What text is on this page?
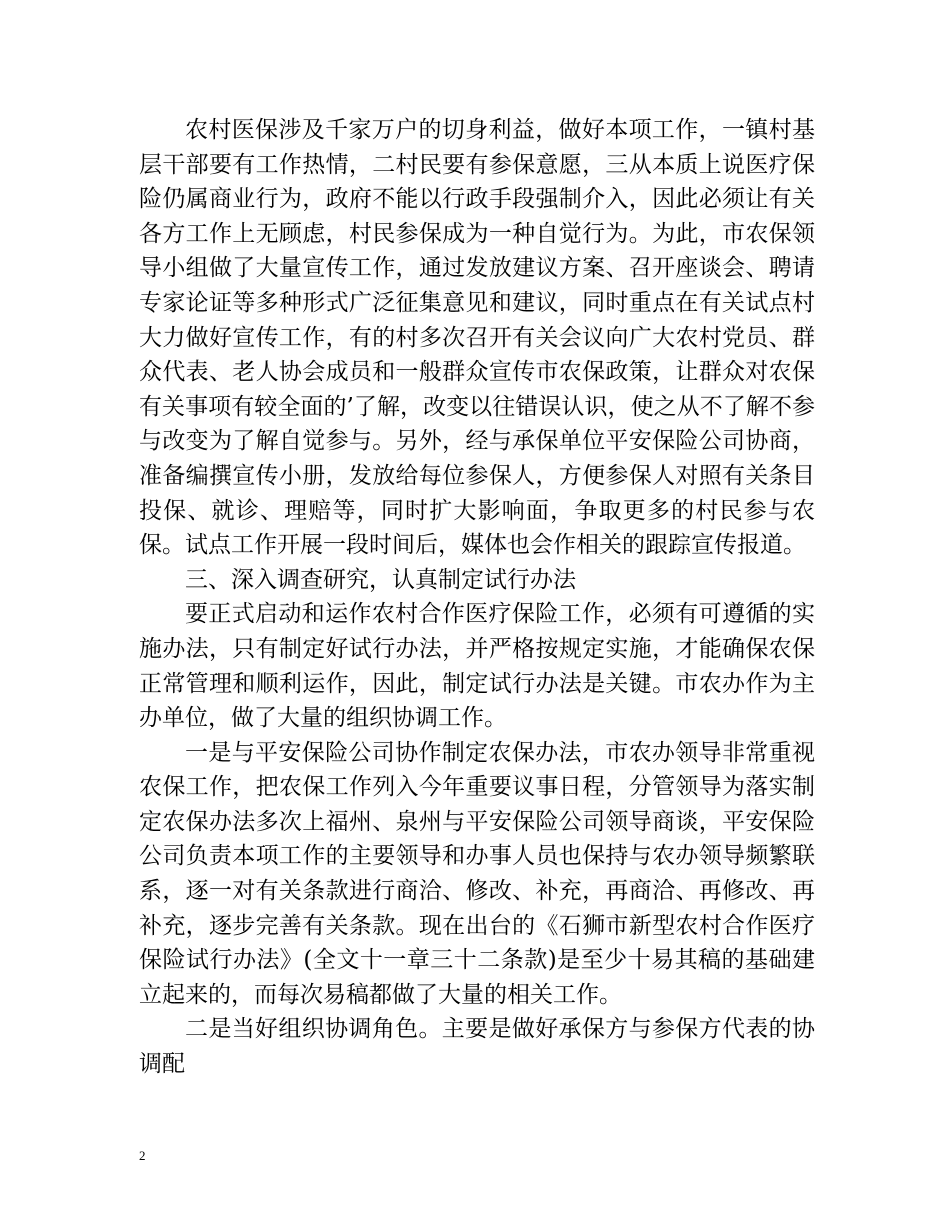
农村医保涉及千家万户的切身利益，做好本项工作，一镇村基层干部要有工作热情，二村民要有参保意愿，三从本质上说医疗保险仍属商业行为，政府不能以行政手段强制介入，因此必须让有关各方工作上无顾虑，村民参保成为一种自觉行为。为此，市农保领导小组做了大量宣传工作，通过发放建议方案、召开座谈会、聘请专家论证等多种形式广泛征集意见和建议，同时重点在有关试点村大力做好宣传工作，有的村多次召开有关会议向广大农村党员、群众代表、老人协会成员和一般群众宣传市农保政策，让群众对农保有关事项有较全面的’了解，改变以往错误认识，使之从不了解不参与改变为了解自觉参与。另外，经与承保单位平安保险公司协商，准备编撰宣传小册，发放给每位参保人，方便参保人对照有关条目投保、就诊、理赔等，同时扩大影响面，争取更多的村民参与农保。试点工作开展一段时间后，媒体也会作相关的跟踪宣传报道。

三、深入调查研究，认真制定试行办法

要正式启动和运作农村合作医疗保险工作，必须有可遵循的实施办法，只有制定好试行办法，并严格按规定实施，才能确保农保正常管理和顺利运作，因此，制定试行办法是关键。市农办作为主办单位，做了大量的组织协调工作。

一是与平安保险公司协作制定农保办法，市农办领导非常重视农保工作，把农保工作列入今年重要议事日程，分管领导为落实制定农保办法多次上福州、泉州与平安保险公司领导商谈，平安保险公司负责本项工作的主要领导和办事人员也保持与农办领导频繁联系，逐一对有关条款进行商洽、修改、补充，再商洽、再修改、再补充，逐步完善有关条款。现在出台的《石狮市新型农村合作医疗保险试行办法》(全文十一章三十二条款)是至少十易其稿的基础建立起来的，而每次易稿都做了大量的相关工作。

二是当好组织协调角色。主要是做好承保方与参保方代表的协调配

2
